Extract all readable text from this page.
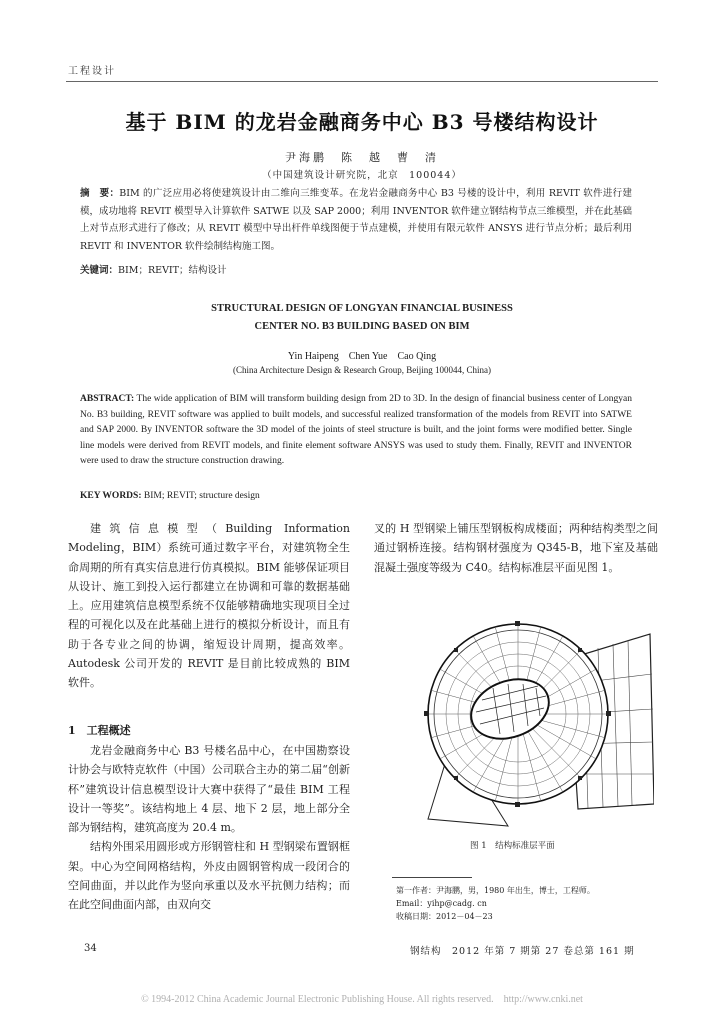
工程设计
基于 BIM 的龙岩金融商务中心 B3 号楼结构设计
尹海鹏　陈　越　曹　清
（中国建筑设计研究院，北京　100044）
摘　要：BIM 的广泛应用必将使建筑设计由二维向三维变革。在龙岩金融商务中心 B3 号楼的设计中，利用 REVIT 软件进行建模，成功地将 REVIT 模型导入计算软件 SATWE 以及 SAP 2000；利用 INVENTOR 软件建立钢结构节点三维模型，并在此基础上对节点形式进行了修改；从 REVIT 模型中导出杆件单线图便于节点建模，并使用有限元软件 ANSYS 进行节点分析；最后利用 REVIT 和 INVENTOR 软件绘制结构施工图。
关键词：BIM；REVIT；结构设计
STRUCTURAL DESIGN OF LONGYAN FINANCIAL BUSINESS
CENTER NO. B3 BUILDING BASED ON BIM
Yin Haipeng　Chen Yue　Cao Qing
(China Architecture Design & Research Group, Beijing 100044, China)
ABSTRACT: The wide application of BIM will transform building design from 2D to 3D. In the design of financial business center of Longyan No. B3 building, REVIT software was applied to built models, and successful realized transformation of the models from REVIT into SATWE and SAP 2000. By INVENTOR software the 3D model of the joints of steel structure is built, and the joint forms were modified better. Single line models were derived from REVIT models, and finite element software ANSYS was used to study them. Finally, REVIT and INVENTOR were used to draw the structure construction drawing.
KEY WORDS: BIM; REVIT; structure design

建筑信息模型（Building Information Modeling，BIM）系统可通过数字平台，对建筑物全生命周期的所有真实信息进行仿真模拟。BIM 能够保证项目从设计、施工到投入运行都建立在协调和可靠的数据基础上。应用建筑信息模型系统不仅能够精确地实现项目全过程的可视化以及在此基础上进行的模拟分析设计，而且有助于各专业之间的协调，缩短设计周期，提高效率。Autodesk 公司开发的 REVIT 是目前比较成熟的 BIM 软件。

1　工程概述

龙岩金融商务中心 B3 号楼名品中心，在中国勘察设计协会与欧特克软件（中国）公司联合主办的第二届“创新杯”建筑设计信息模型设计大赛中获得了“最佳 BIM 工程设计一等奖”。该结构地上 4 层、地下 2 层，地上部分全部为钢结构，建筑高度为 20.4 m。

结构外围采用圆形或方形钢管柱和 H 型钢梁布置钢框架。中心为空间网格结构，外皮由圆钢管构成一段闭合的空间曲面，并以此作为竖向承重以及水平抗侧力结构；而在此空间曲面内部，由双向交

叉的 H 型钢梁上铺压型钢板构成楼面；两种结构类型之间通过钢桥连接。结构钢材强度为 Q345-B，地下室及基础混凝土强度等级为 C40。结构标准层平面见图 1。

图 1　结构标准层平面
第一作者：尹海鹏，男，1980 年出生，博士，工程师。
Email：yihp@cadg. cn
收稿日期：2012－04－23
34	钢结构　2012 年第 7 期第 27 卷总第 161 期
© 1994-2012 China Academic Journal Electronic Publishing House. All rights reserved.　http://www.cnki.net
